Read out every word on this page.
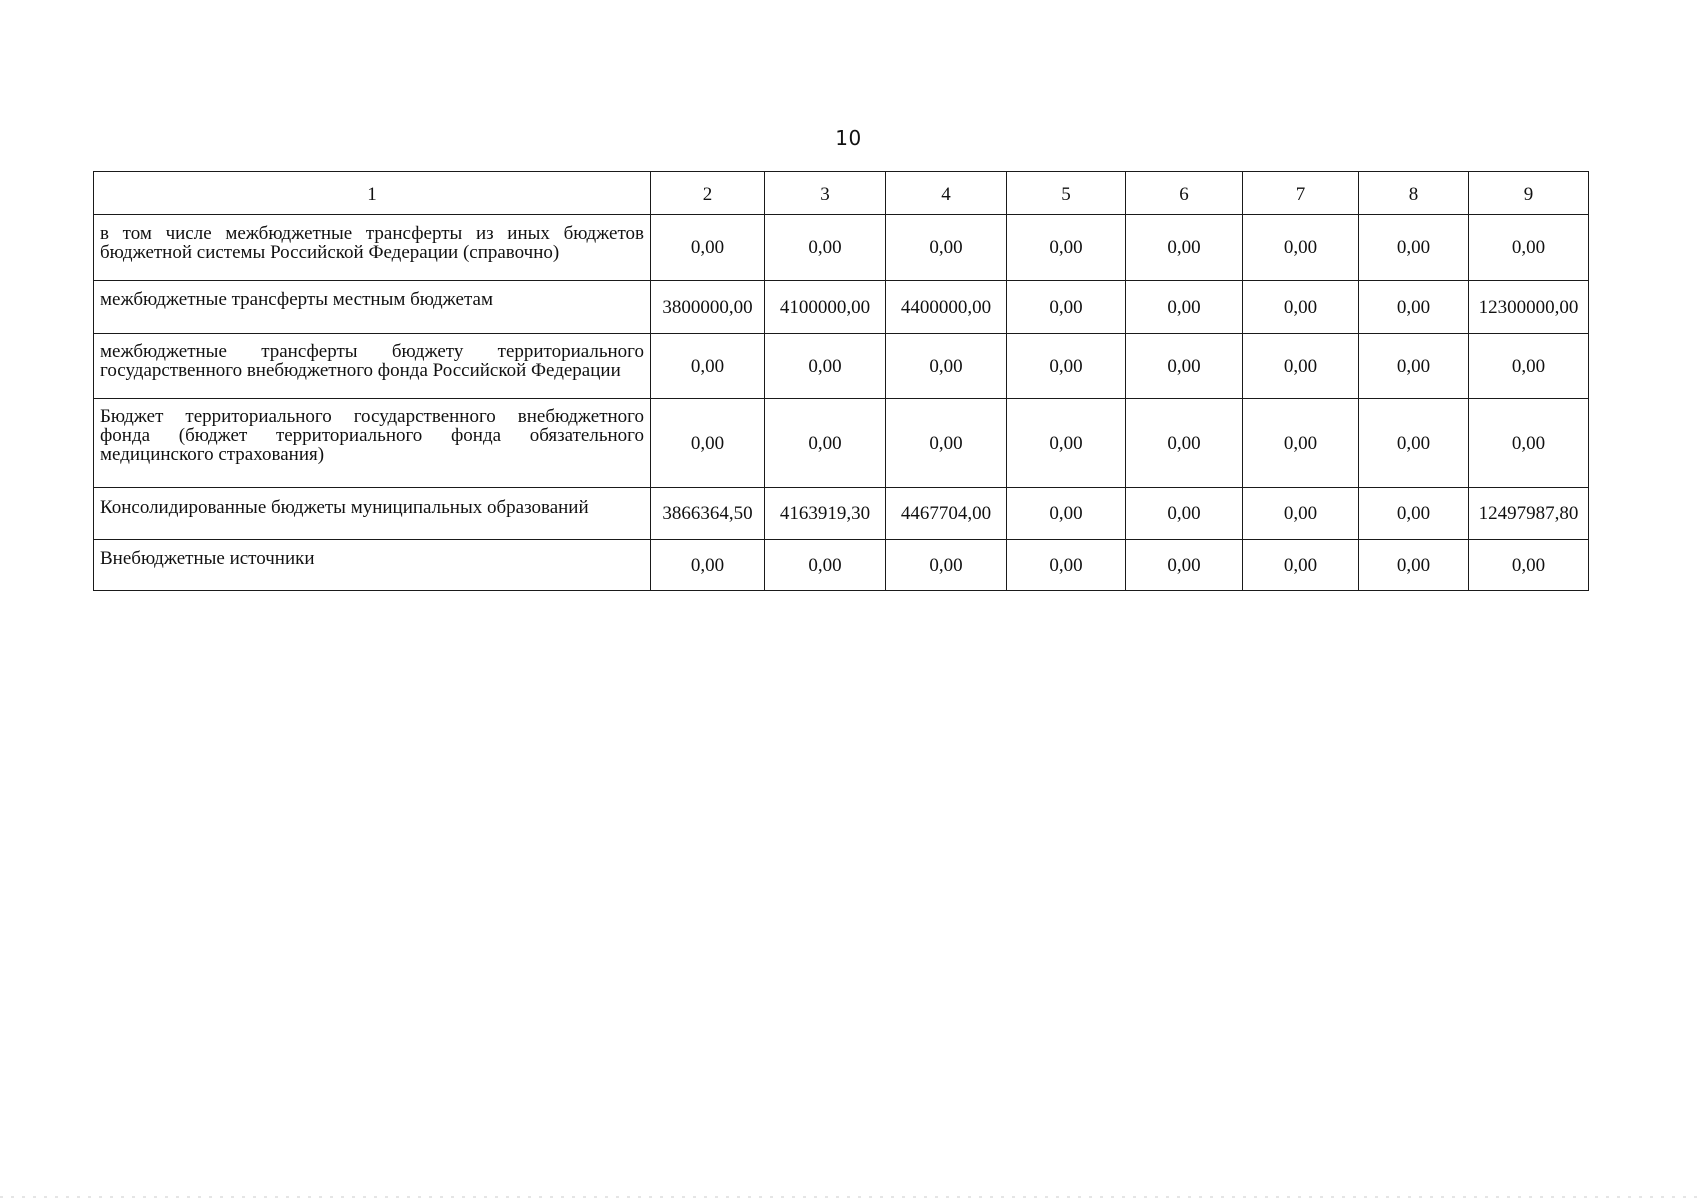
10
1	2	3	4	5	6	7	8	9
в том числе межбюджетные трансферты из иных бюджетов бюджетной системы Российской Федерации (справочно)	0,00	0,00	0,00	0,00	0,00	0,00	0,00	0,00
межбюджетные трансферты местным бюджетам	3800000,00	4100000,00	4400000,00	0,00	0,00	0,00	0,00	12300000,00
межбюджетные трансферты бюджету территориального государственного внебюджетного фонда Российской Федерации	0,00	0,00	0,00	0,00	0,00	0,00	0,00	0,00
Бюджет территориального государственного внебюджетного фонда (бюджет территориального фонда обязательного медицинского страхования)	0,00	0,00	0,00	0,00	0,00	0,00	0,00	0,00
Консолидированные бюджеты муниципальных образований	3866364,50	4163919,30	4467704,00	0,00	0,00	0,00	0,00	12497987,80
Внебюджетные источники	0,00	0,00	0,00	0,00	0,00	0,00	0,00	0,00
